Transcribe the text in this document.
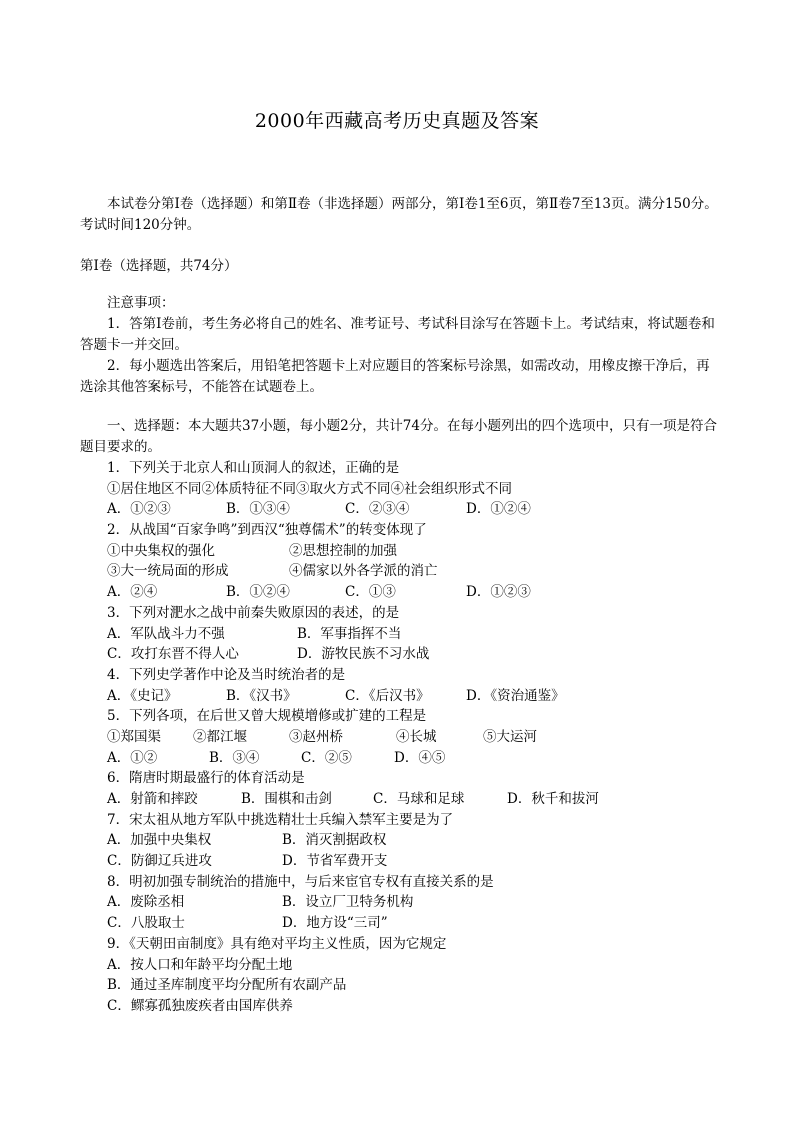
2000年西藏高考历史真题及答案

本试卷分第Ⅰ卷（选择题）和第Ⅱ卷（非选择题）两部分，第Ⅰ卷1至6页，第Ⅱ卷7至13页。满分150分。考试时间120分钟。

第Ⅰ卷（选择题，共74分）

注意事项：

1．答第Ⅰ卷前，考生务必将自己的姓名、准考证号、考试科目涂写在答题卡上。考试结束，将试题卷和答题卡一并交回。

2．每小题选出答案后，用铅笔把答题卡上对应题目的答案标号涂黑，如需改动，用橡皮擦干净后，再选涂其他答案标号，不能答在试题卷上。

一、选择题：本大题共37小题，每小题2分，共计74分。在每小题列出的四个选项中，只有一项是符合题目要求的。

1．下列关于北京人和山顶洞人的叙述，正确的是
①居住地区不同②体质特征不同③取火方式不同④社会组织形式不同
A．①②③	B．①③④	C．②③④	D．①②④
2．从战国“百家争鸣”到西汉“独尊儒术”的转变体现了
①中央集权的强化	②思想控制的加强
③大一统局面的形成	④儒家以外各学派的消亡
A．②④	B．①②④	C．①③	D．①②③
3．下列对淝水之战中前秦失败原因的表述，的是
A．军队战斗力不强	B．军事指挥不当
C．攻打东晋不得人心	D．游牧民族不习水战
4．下列史学著作中论及当时统治者的是
A．《史记》	B．《汉书》	C．《后汉书》	D．《资治通鉴》
5．下列各项，在后世又曾大规模增修或扩建的工程是
①郑国渠 ②都江堰	③赵州桥	④长城	⑤大运河
A．①②	B．③④	C．②⑤	D．④⑤
6．隋唐时期最盛行的体育活动是
A．射箭和摔跤	B．围棋和击剑	C．马球和足球	D．秋千和拔河
7．宋太祖从地方军队中挑选精壮士兵编入禁军主要是为了
A．加强中央集权	B．消灭割据政权
C．防御辽兵进攻	D．节省军费开支
8．明初加强专制统治的措施中，与后来宦官专权有直接关系的是
A．废除丞相	B．设立厂卫特务机构
C．八股取士	D．地方设“三司”
9．《天朝田亩制度》具有绝对平均主义性质，因为它规定
A．按人口和年龄平均分配土地
B．通过圣库制度平均分配所有农副产品
C．鳏寡孤独废疾者由国库供养
